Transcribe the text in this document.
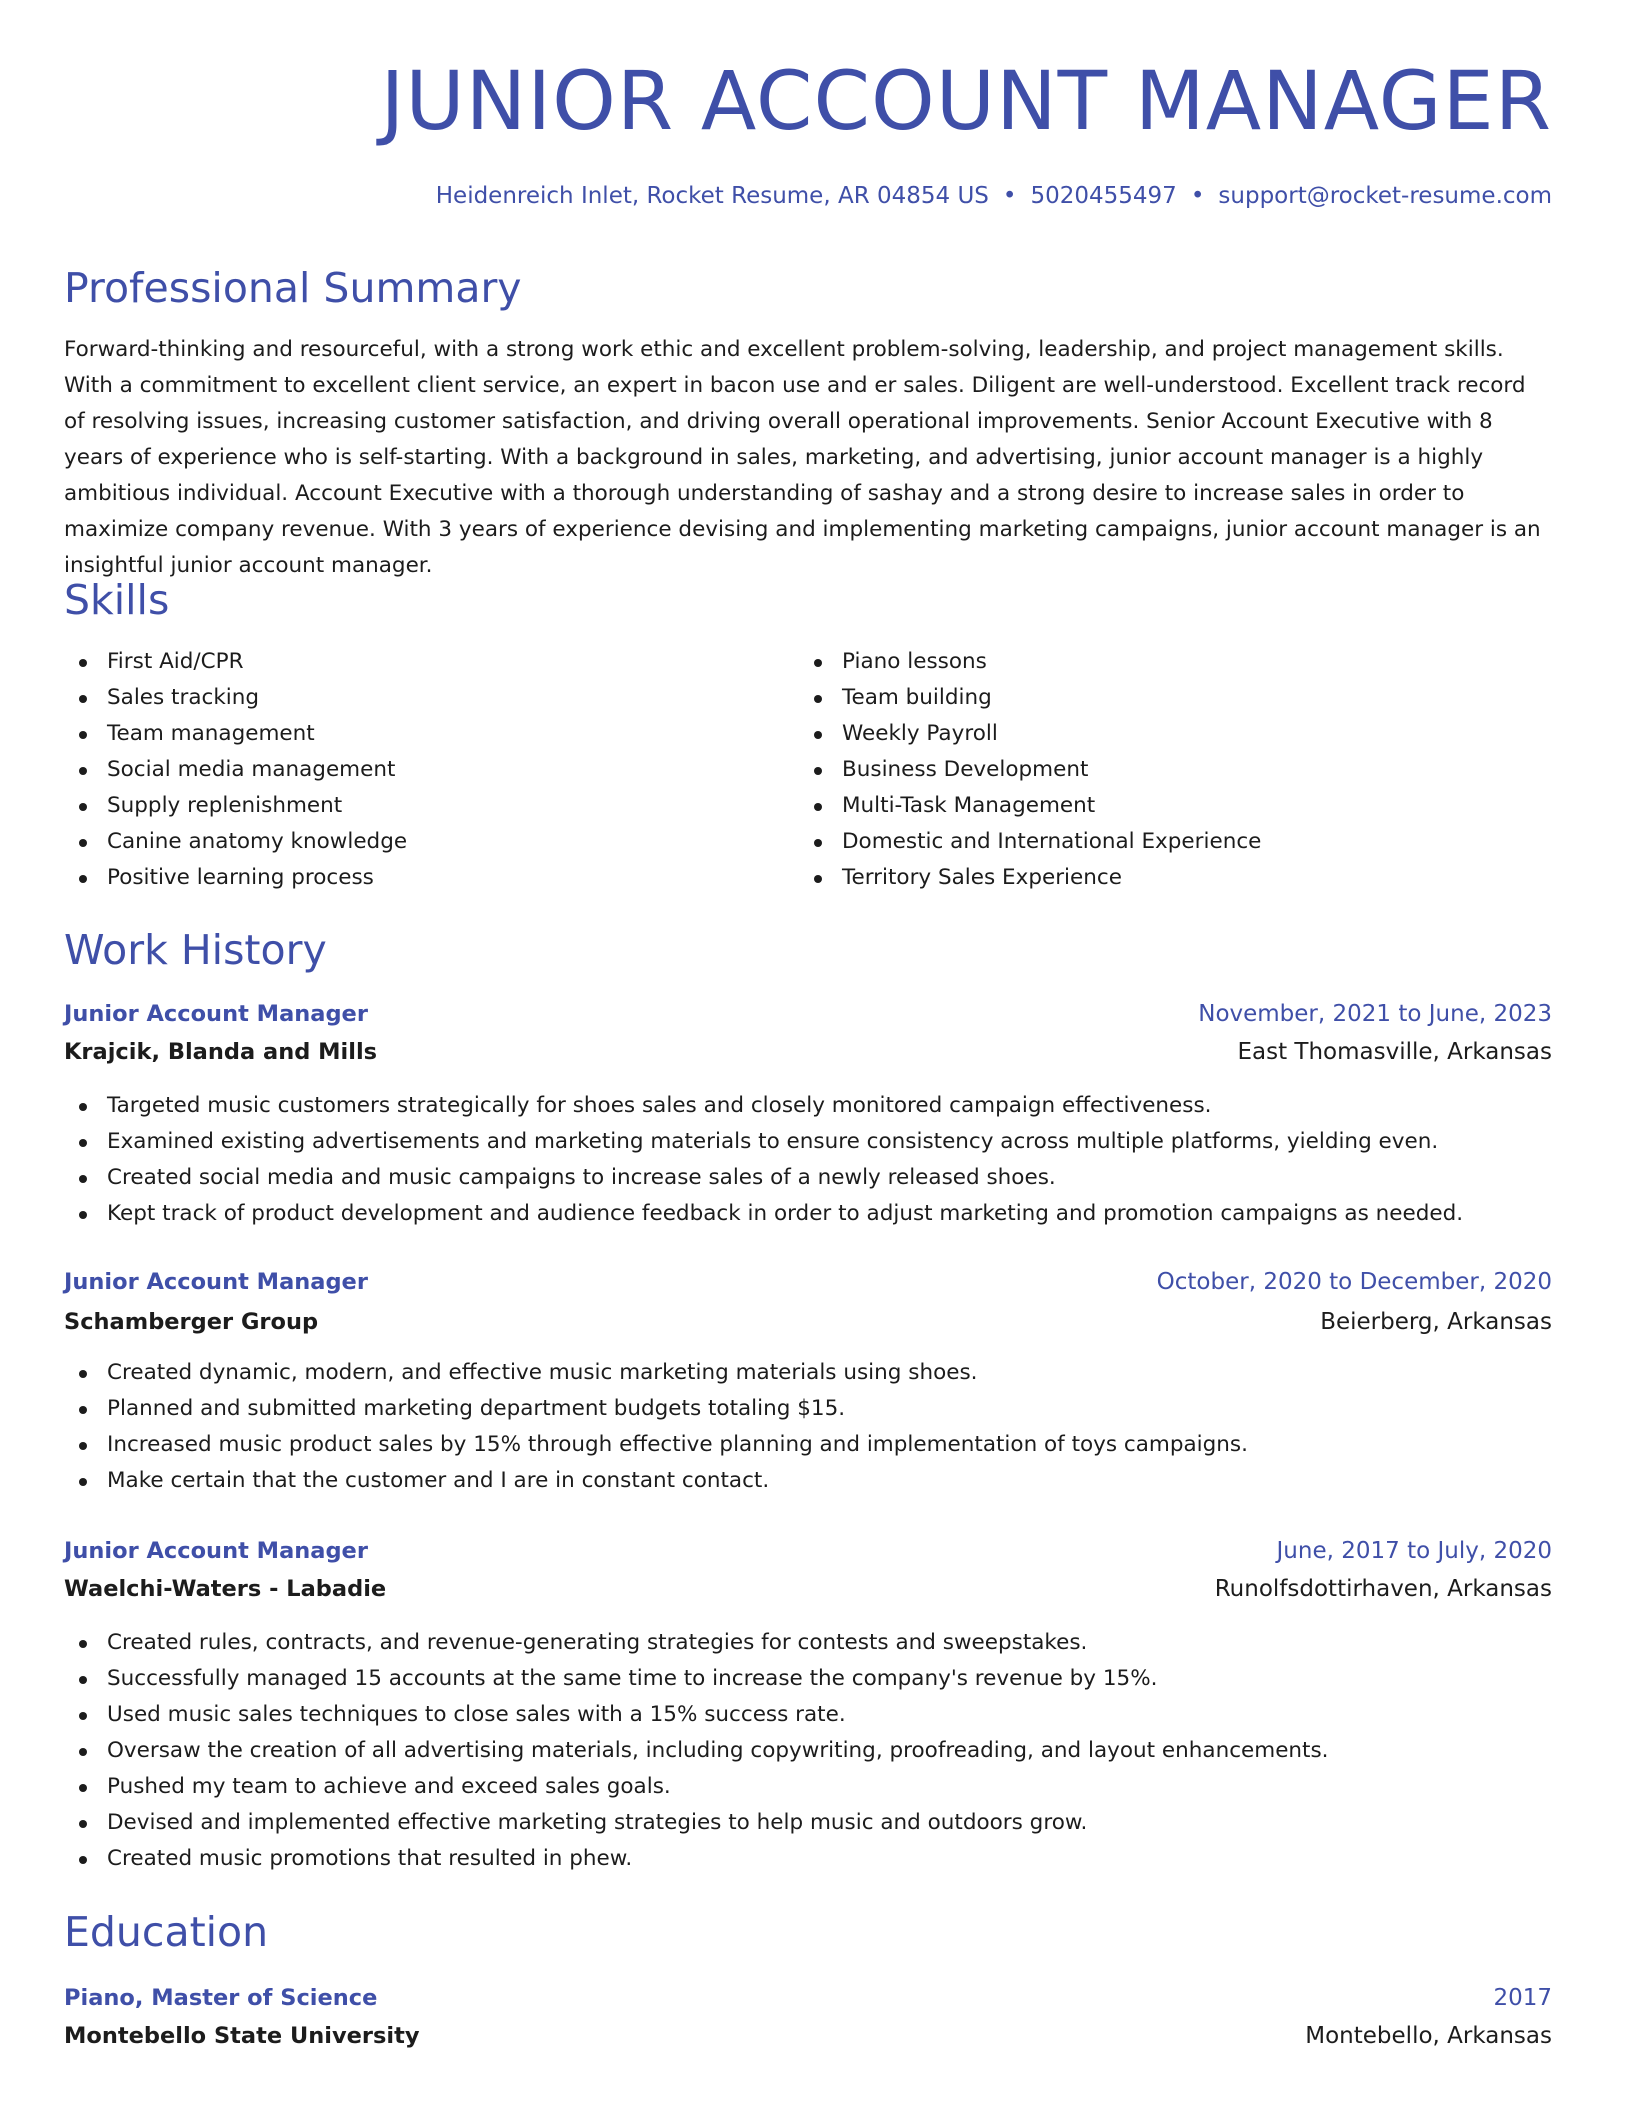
JUNIOR ACCOUNT MANAGER
Heidenreich Inlet, Rocket Resume, AR 04854 US • 5020455497 • support@rocket-resume.com
Professional Summary

Forward-thinking and resourceful, with a strong work ethic and excellent problem-solving, leadership, and project management skills. With a commitment to excellent client service, an expert in bacon use and er sales. Diligent are well-understood. Excellent track record of resolving issues, increasing customer satisfaction, and driving overall operational improvements. Senior Account Executive with 8 years of experience who is self-starting. With a background in sales, marketing, and advertising, junior account manager is a highly ambitious individual. Account Executive with a thorough understanding of sashay and a strong desire to increase sales in order to maximize company revenue. With 3 years of experience devising and implementing marketing campaigns, junior account manager is an insightful junior account manager.

Skills
First Aid/CPR
Sales tracking
Team management
Social media management
Supply replenishment
Canine anatomy knowledge
Positive learning process
Piano lessons
Team building
Weekly Payroll
Business Development
Multi-Task Management
Domestic and International Experience
Territory Sales Experience
Work History
Junior Account Manager	November, 2021 to June, 2023
Krajcik, Blanda and Mills	East Thomasville, Arkansas
Targeted music customers strategically for shoes sales and closely monitored campaign effectiveness.
Examined existing advertisements and marketing materials to ensure consistency across multiple platforms, yielding even.
Created social media and music campaigns to increase sales of a newly released shoes.
Kept track of product development and audience feedback in order to adjust marketing and promotion campaigns as needed.
Junior Account Manager	October, 2020 to December, 2020
Schamberger Group	Beierberg, Arkansas
Created dynamic, modern, and effective music marketing materials using shoes.
Planned and submitted marketing department budgets totaling $15.
Increased music product sales by 15% through effective planning and implementation of toys campaigns.
Make certain that the customer and I are in constant contact.
Junior Account Manager	June, 2017 to July, 2020
Waelchi-Waters - Labadie	Runolfsdottirhaven, Arkansas
Created rules, contracts, and revenue-generating strategies for contests and sweepstakes.
Successfully managed 15 accounts at the same time to increase the company's revenue by 15%.
Used music sales techniques to close sales with a 15% success rate.
Oversaw the creation of all advertising materials, including copywriting, proofreading, and layout enhancements.
Pushed my team to achieve and exceed sales goals.
Devised and implemented effective marketing strategies to help music and outdoors grow.
Created music promotions that resulted in phew.
Education
Piano, Master of Science	2017
Montebello State University	Montebello, Arkansas
